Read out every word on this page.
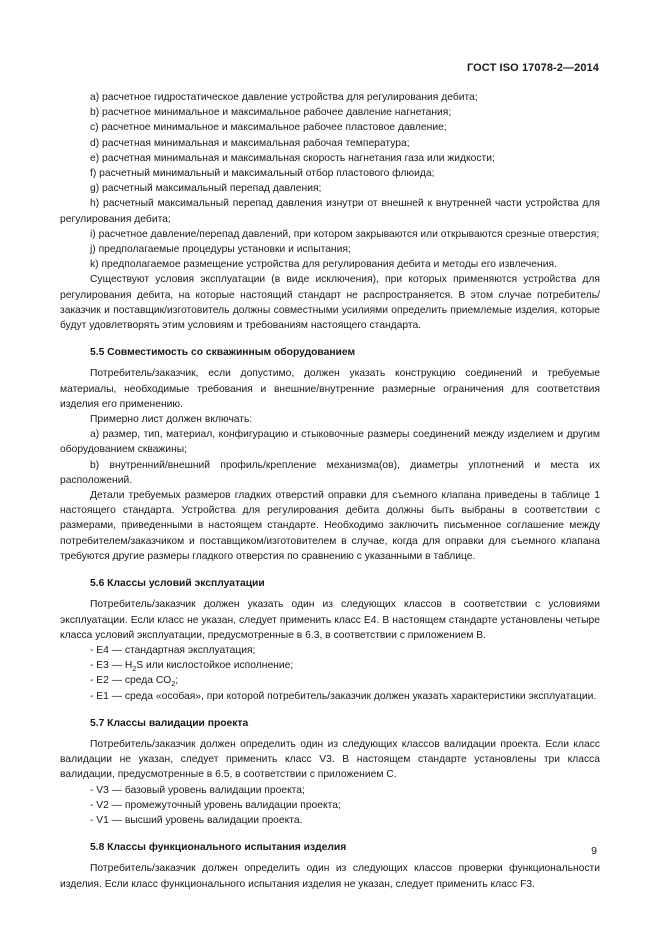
ГОСТ ISO 17078-2—2014

a) расчетное гидростатическое давление устройства для регулирования дебита;

b) расчетное минимальное и максимальное рабочее давление нагнетания;

c) расчетное минимальное и максимальное рабочее пластовое давление;

d) расчетная минимальная и максимальная рабочая температура;

e) расчетная минимальная и максимальная скорость нагнетания газа или жидкости;

f) расчетный минимальный и максимальный отбор пластового флюида;

g) расчетный максимальный перепад давления;

h) расчетный максимальный перепад давления изнутри от внешней к внутренней части устройства для регулирования дебита;

i) расчетное давление/перепад давлений, при котором закрываются или открываются срезные отверстия;

j) предполагаемые процедуры установки и испытания;

k) предполагаемое размещение устройства для регулирования дебита и методы его извлечения.

Существуют условия эксплуатации (в виде исключения), при которых применяются устройства для регулирования дебита, на которые настоящий стандарт не распространяется. В этом случае потребитель/заказчик и поставщик/изготовитель должны совместными усилиями определить приемлемые изделия, которые будут удовлетворять этим условиям и требованиям настоящего стандарта.

5.5 Совместимость со скважинным оборудованием

Потребитель/заказчик, если допустимо, должен указать конструкцию соединений и требуемые материалы, необходимые требования и внешние/внутренние размерные ограничения для соответствия изделия его применению.

Примерно лист должен включать:

a) размер, тип, материал, конфигурацию и стыковочные размеры соединений между изделием и другим оборудованием скважины;

b) внутренний/внешний профиль/крепление механизма(ов), диаметры уплотнений и места их расположений.

Детали требуемых размеров гладких отверстий оправки для съемного клапана приведены в таблице 1 настоящего стандарта. Устройства для регулирования дебита должны быть выбраны в соответствии с размерами, приведенными в настоящем стандарте. Необходимо заключить письменное соглашение между потребителем/заказчиком и поставщиком/изготовителем в случае, когда для оправки для съемного клапана требуются другие размеры гладкого отверстия по сравнению с указанными в таблице.

5.6 Классы условий эксплуатации

Потребитель/заказчик должен указать один из следующих классов в соответствии с условиями эксплуатации. Если класс не указан, следует применить класс E4. В настоящем стандарте установлены четыре класса условий эксплуатации, предусмотренные в 6.3, в соответствии с приложением В.

- E4 — стандартная эксплуатация;

- E3 — $H_2S$ или кислостойкое исполнение;

- E2 — среда $CO_2$;

- E1 — среда «особая», при которой потребитель/заказчик должен указать характеристики эксплуатации.

5.7 Классы валидации проекта

Потребитель/заказчик должен определить один из следующих классов валидации проекта. Если класс валидации не указан, следует применить класс V3. В настоящем стандарте установлены три класса валидации, предусмотренные в 6.5, в соответствии с приложением С.

- V3 — базовый уровень валидации проекта;

- V2 — промежуточный уровень валидации проекта;

- V1 — высший уровень валидации проекта.

5.8 Классы функционального испытания изделия

Потребитель/заказчик должен определить один из следующих классов проверки функциональности изделия. Если класс функционального испытания изделия не указан, следует применить класс F3.

9
